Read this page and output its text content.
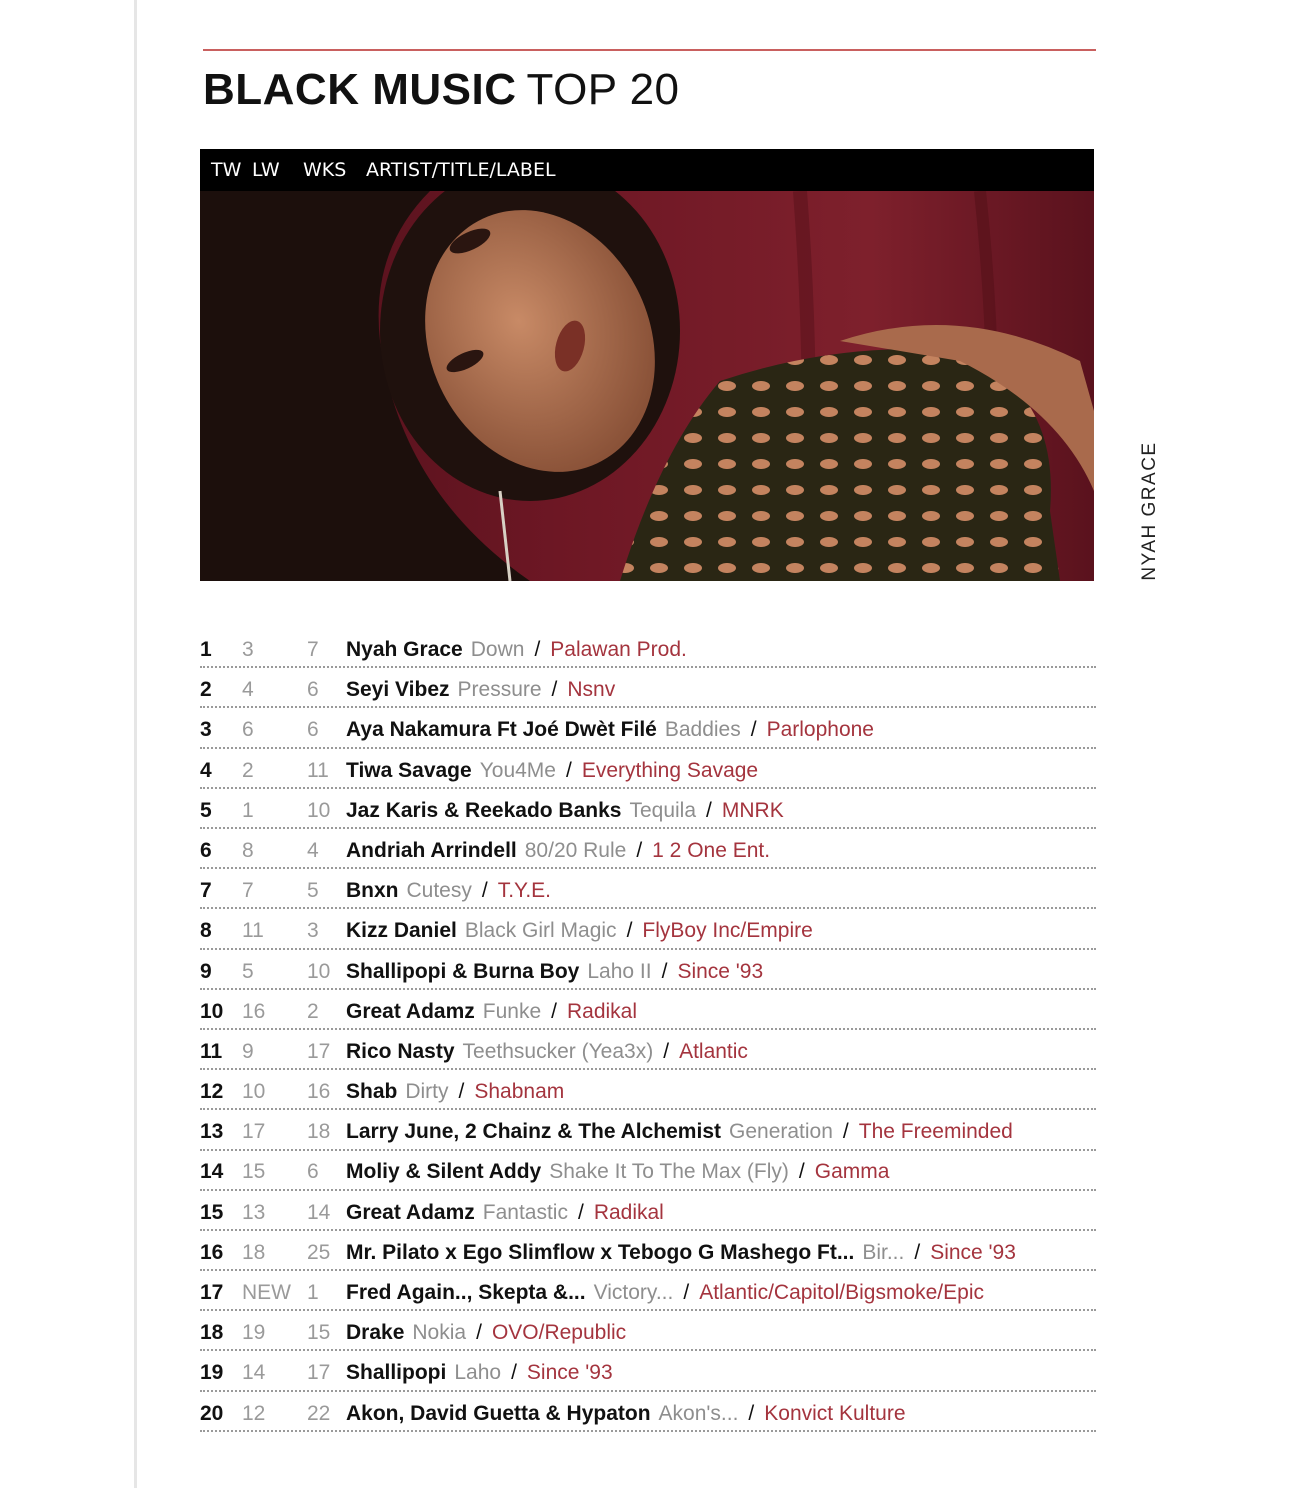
BLACK MUSIC TOP 20
TW LW WKS ARTIST/TITLE/LABEL
NYAH GRACE
1 3	7 Nyah Grace Down / Palawan Prod.
2 4	6 Seyi Vibez Pressure / Nsnv
3 6	6 Aya Nakamura Ft Joé Dwèt Filé Baddies / Parlophone
4 2	11 Tiwa Savage You4Me / Everything Savage
5 1	10 Jaz Karis & Reekado Banks Tequila / MNRK
6 8	4 Andriah Arrindell 80/20 Rule / 1 2 One Ent.
7 7	5 Bnxn Cutesy / T.Y.E.
8 11 3 Kizz Daniel Black Girl Magic / FlyBoy Inc/Empire
9 5	10 Shallipopi & Burna Boy Laho II / Since '93
10 16 2 Great Adamz Funke / Radikal
11 9	17 Rico Nasty Teethsucker (Yea3x) / Atlantic
12 10 16 Shab Dirty / Shabnam
13 17 18 Larry June, 2 Chainz & The Alchemist Generation / The Freeminded
14 15 6 Moliy & Silent Addy Shake It To The Max (Fly) / Gamma
15 13 14 Great Adamz Fantastic / Radikal
16 18 25 Mr. Pilato x Ego Slimflow x Tebogo G Mashego Ft... Bir... / Since '93
17 NEW 1 Fred Again.., Skepta &... Victory... / Atlantic/Capitol/Bigsmoke/Epic
18 19 15 Drake Nokia / OVO/Republic
19 14 17 Shallipopi Laho / Since '93
20 12 22 Akon, David Guetta & Hypaton Akon's... / Konvict Kulture
